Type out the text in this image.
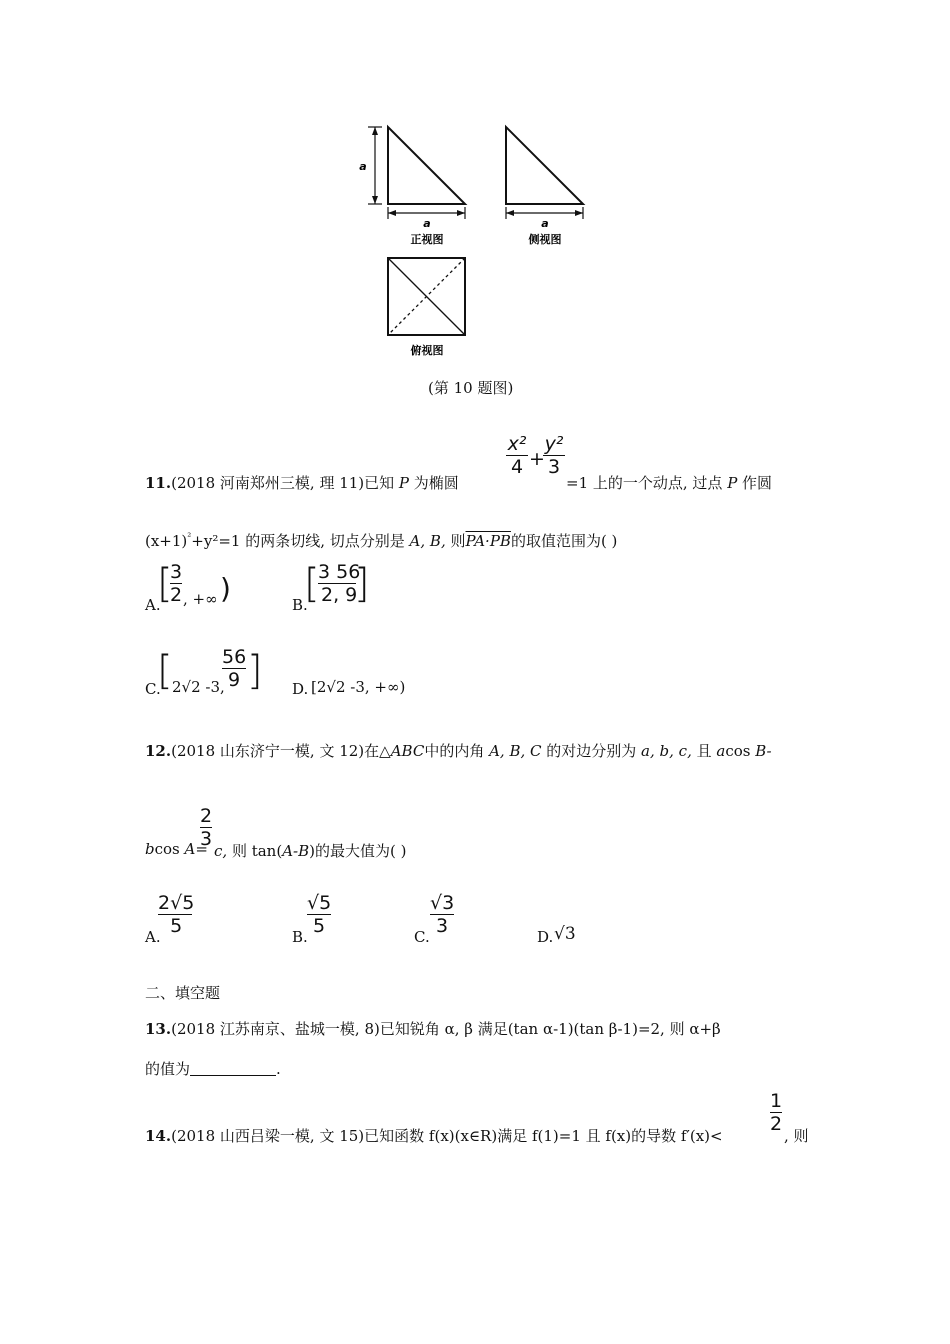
a
a
正视图
a
侧视图
俯视图
(第 10 题图)
x²
4 +
y²
3
11.(2018 河南郑州三模, 理 11)已知 P 为椭圆	=1 上的一个动点, 过点 P 作圆
$(x+1)^{^2}+y^2=1$ 的两条切线, 切点分别是 A, B, 则PA·PB的取值范围为( )
A.
[
3
2 , +∞ )	B.
[
3 56
2, 9
]
C.
[ 2√2 -3,
56
9 ] D. [2√2 -3, +∞)
12.(2018 山东济宁一模, 文 12)在△ABC中的内角 A, B, C 的对边分别为 a, b, c, 且 acos B-
2
3
bcos A= c, 则 tan(A-B)的最大值为( )
A.
2√5
5	B.
√5
5	C.
√3
3	D. √3
二、填空题
13.(2018 江苏南京、盐城一模, 8)已知锐角 α, β 满足(tan α-1)(tan β-1)=2, 则 α+β
的值为	.
1
2
14.(2018 山西吕梁一模, 文 15)已知函数 f(x)(x∈R)满足 f(1)=1 且 f(x)的导数 f′(x)<	, 则
